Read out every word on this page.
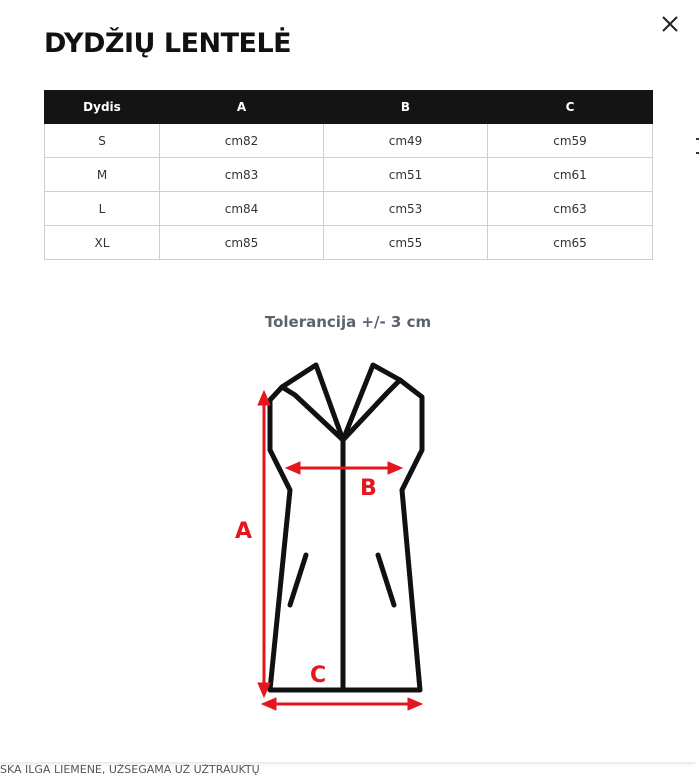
DYDŽIŲ LENTELĖ
Dydis	A	B	C
S	cm82	cm49	cm59
M	cm83	cm51	cm61
L	cm84	cm53	cm63
XL	cm85	cm55	cm65
Tolerancija +/- 3 cm
A
B
C
SKA ILGA LIEMENĖ, UŽSEGAMA UŽ UŽTRAUKTŲ
